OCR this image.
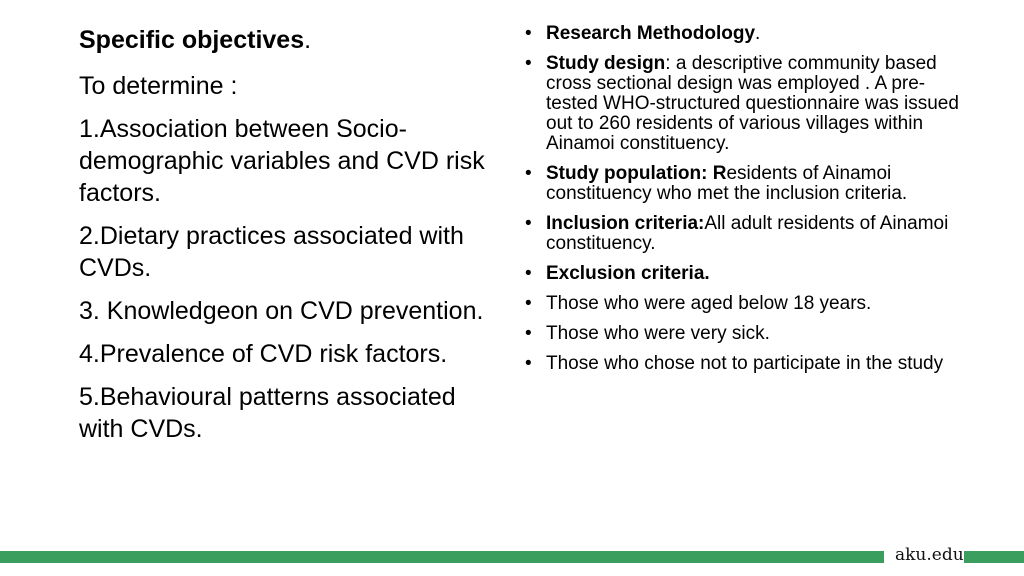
Specific objectives.

To determine :

1.Association between Socio-demographic variables and CVD risk factors.

2.Dietary practices associated with CVDs.

3. Knowledgeon on CVD prevention.

4.Prevalence of CVD risk factors.

5.Behavioural patterns associated with CVDs.

• Research Methodology.
• Study design: a descriptive community based cross sectional design was employed . A pre-tested WHO-structured questionnaire was issued out to 260 residents of various villages within Ainamoi constituency.
• Study population: Residents of Ainamoi constituency who met the inclusion criteria.
• Inclusion criteria:All adult residents of Ainamoi constituency.
• Exclusion criteria.
• Those who were aged below 18 years.
• Those who were very sick.
• Those who chose not to participate in the study
aku.edu
